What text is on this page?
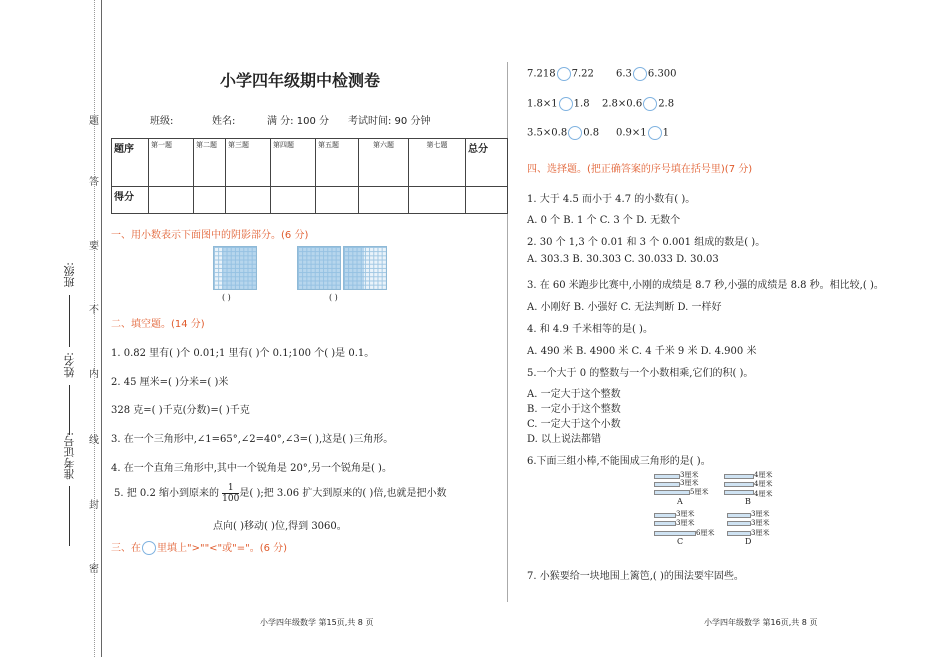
题
答
要
不
内
线
封
密
班级:
姓名:
准考证号:
小学四年级期中检测卷
班级:	姓名:	满 分: 100 分 考试时间: 90 分钟
题序	第一题	第二题	第三题	第四题	第五题	第六题	第七题	总分
得分								
一、用小数表示下面图中的阴影部分。(6 分)
( )	( )
二、填空题。(14 分)
1. 0.82 里有( )个 0.01;1 里有( )个 0.1;100 个( )是 0.1。
2. 45 厘米=( )分米=( )米
328 克=( )千克(分数)=( )千克
3. 在一个三角形中,∠1=65°,∠2=40°,∠3=( ),这是( )三角形。
4. 在一个直角三角形中,其中一个锐角是 20°,另一个锐角是( )。
5. 把 0.2 缩小到原来的 $\frac{1}{100}$ 是( );把 3.06 扩大到原来的( )倍,也就是把小数
点向( )移动( )位,得到 3060。
三、在 里填上">""<"或"="。(6 分)
7.218 7.22 6.3 6.300
1.8×1 1.8 2.8×0.6 2.8
3.5×0.8 0.8 0.9×1 1
四、选择题。(把正确答案的序号填在括号里)(7 分)
1. 大于 4.5 而小于 4.7 的小数有( )。
A. 0 个 B. 1 个 C. 3 个 D. 无数个
2. 30 个 1,3 个 0.01 和 3 个 0.001 组成的数是( )。
A. 303.3 B. 30.303 C. 30.033 D. 30.03
3. 在 60 米跑步比赛中,小刚的成绩是 8.7 秒,小强的成绩是 8.8 秒。相比较,( )。
A. 小刚好 B. 小强好 C. 无法判断 D. 一样好
4. 和 4.9 千米相等的是( )。
A. 490 米 B. 4900 米 C. 4 千米 9 米 D. 4.900 米
5.一个大于 0 的整数与一个小数相乘,它们的积( )。
A. 一定大于这个整数
B. 一定小于这个整数
C. 一定大于这个小数
D. 以上说法都错
6.下面三组小棒,不能围成三角形的是( )。
3厘米
3厘米
5厘米
A
4厘米
4厘米
4厘米
B
3厘米
3厘米
6厘米
C
3厘米
3厘米
3厘米
D
7. 小猴要给一块地围上篱笆,( )的围法要牢固些。
小学四年级数学 第15页,共 8 页	小学四年级数学 第16页,共 8 页
